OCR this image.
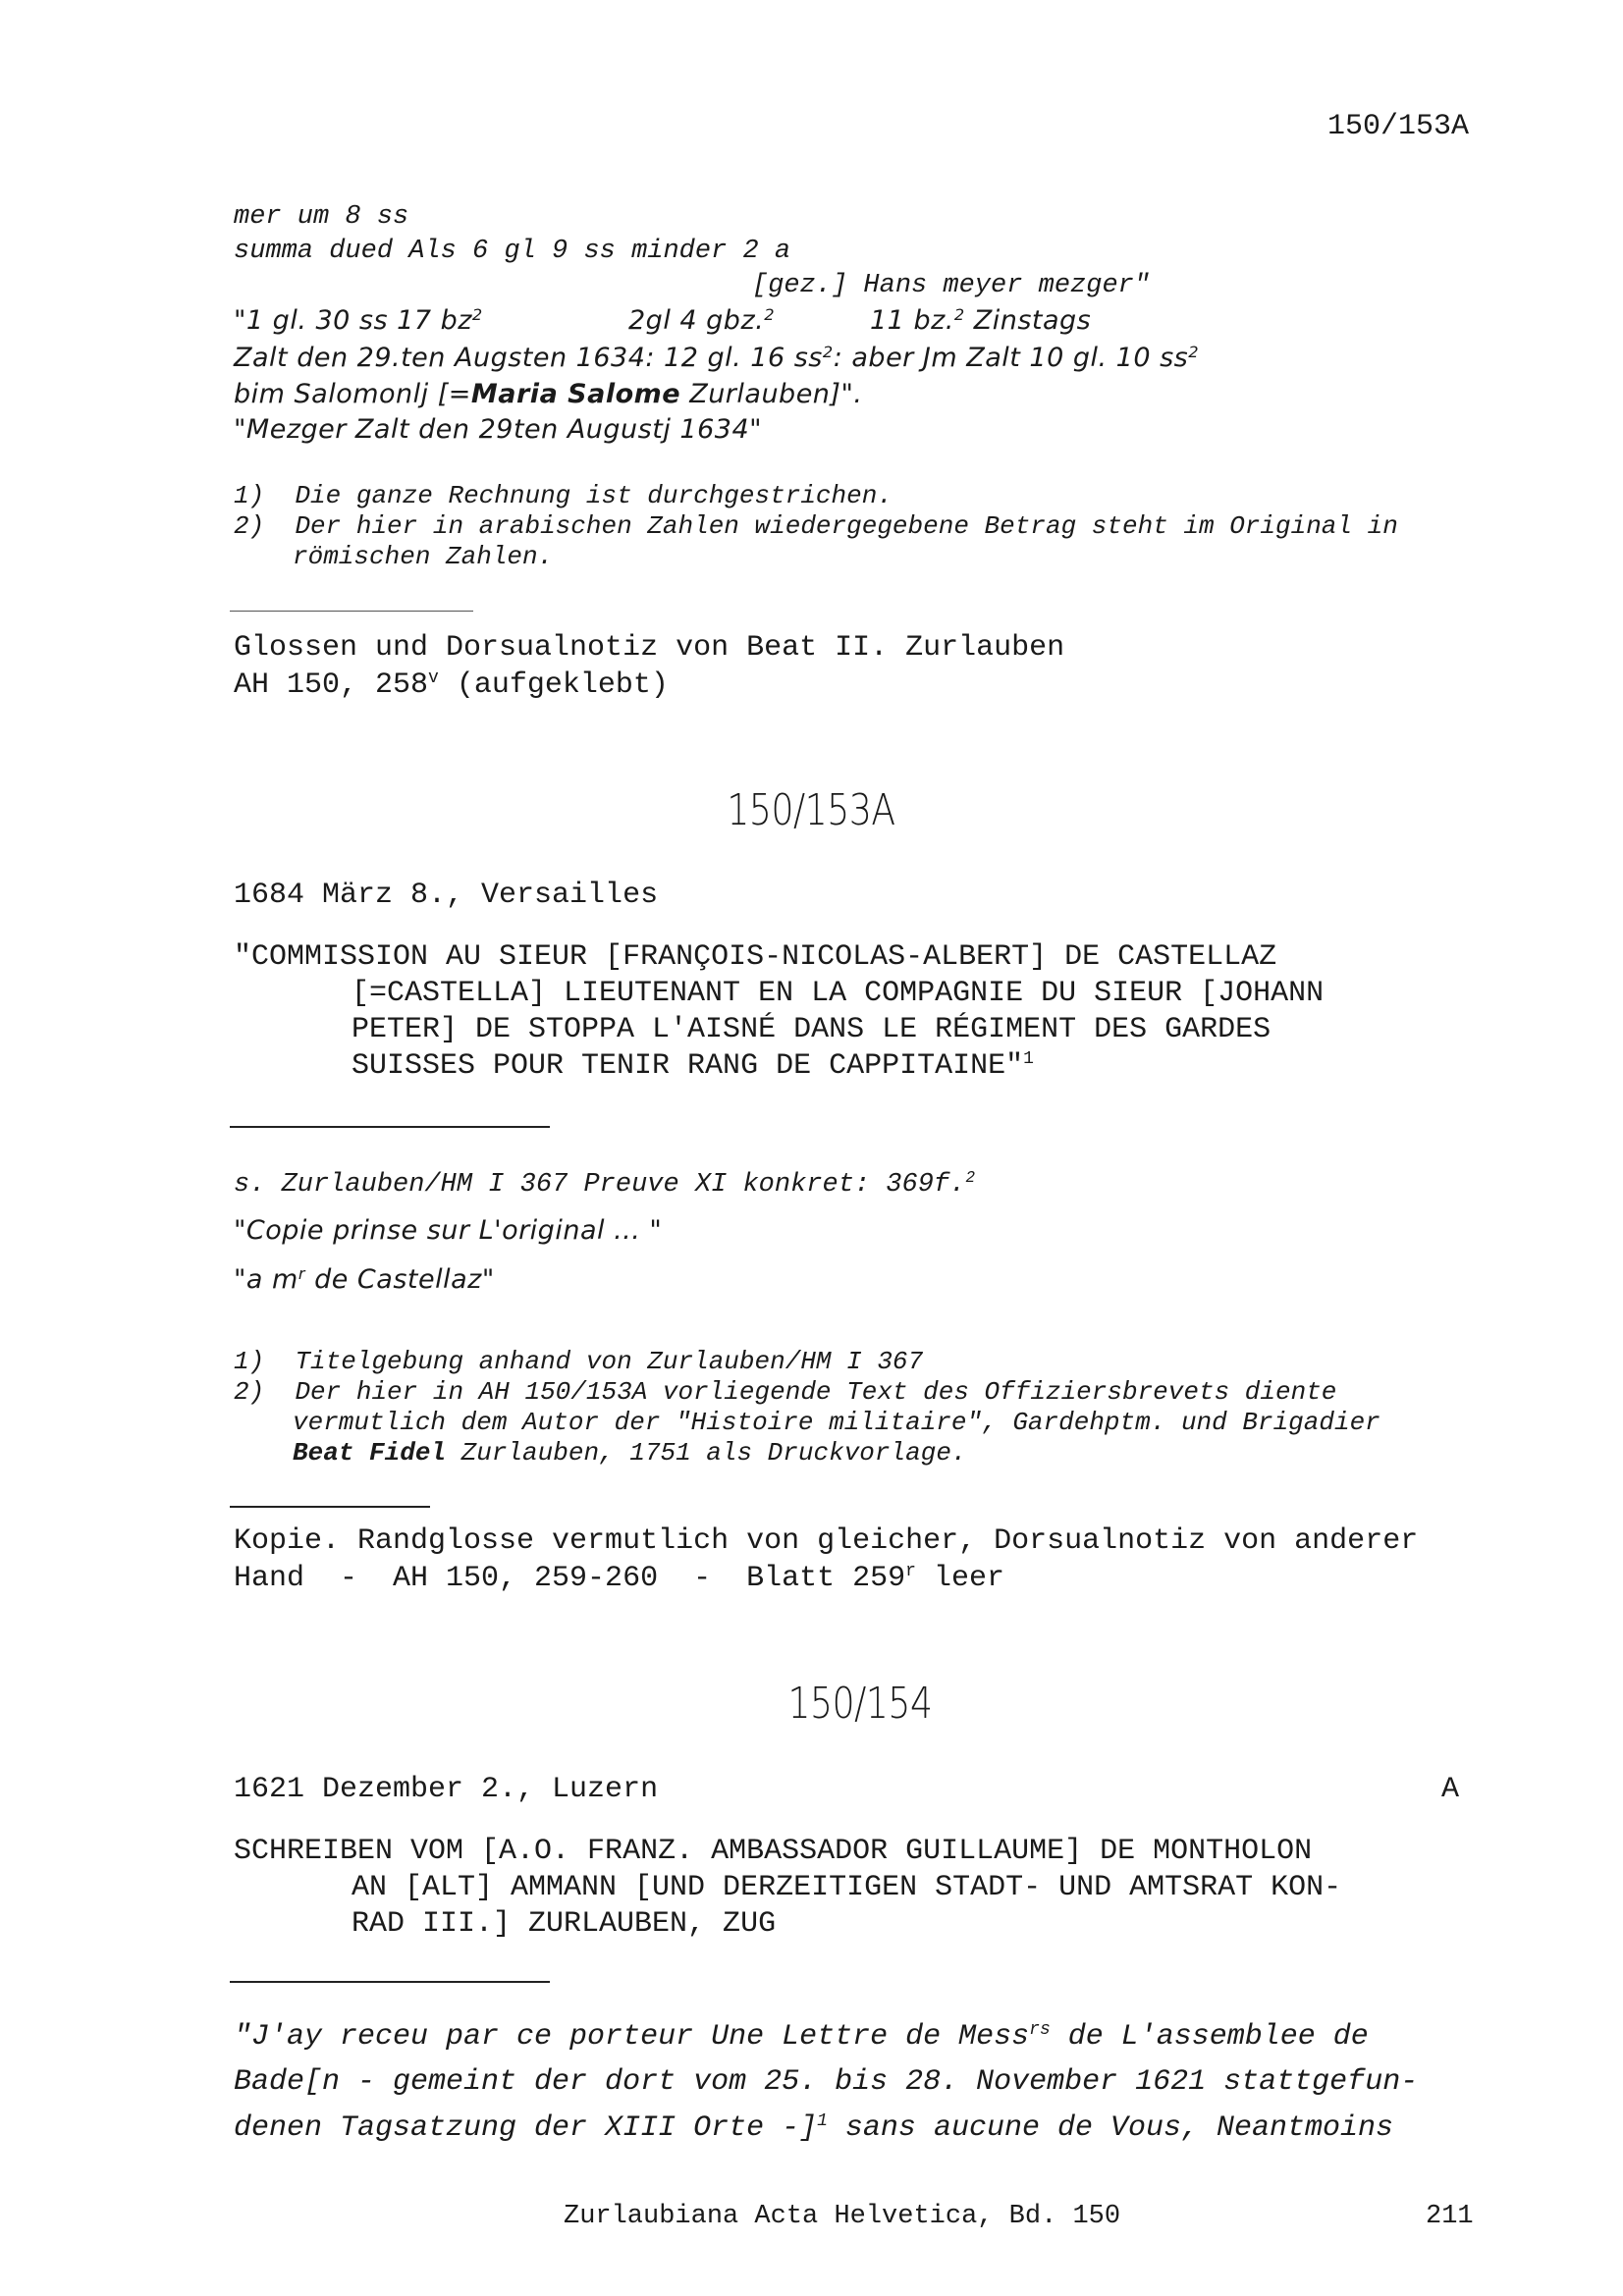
150/153A
mer um 8 ss
summa dued Als 6 gl 9 ss minder 2 a
[gez.] Hans meyer mezger"
"1 gl. 30 ss 17 $bz^2$	2gl 4 gbz.$^2$	11 bz.$^2$ Zinstags
Zalt den 29.ten Augsten 1634: 12 gl. 16 $ss^2$: aber Jm Zalt 10 gl. 10 $ss^2$
bim Salomonlj [=Maria Salome Zurlauben]".
"Mezger Zalt den 29ten Augustj 1634"
1) Die ganze Rechnung ist durchgestrichen.
2) Der hier in arabischen Zahlen wiedergegebene Betrag steht im Original in
römischen Zahlen.
Glossen und Dorsualnotiz von Beat II. Zurlauben
AH 150, 258$^v$ (aufgeklebt)
150/153A
1684 März 8., Versailles
"COMMISSION AU SIEUR [FRANÇOIS-NICOLAS-ALBERT] DE CASTELLAZ
[=CASTELLA] LIEUTENANT EN LA COMPAGNIE DU SIEUR [JOHANN
PETER] DE STOPPA L'AISNÉ DANS LE RÉGIMENT DES GARDES
SUISSES POUR TENIR RANG DE CAPPITAINE"$^1$
s. Zurlauben/HM I 367 Preuve XI konkret: 369f.$^2$
"Copie prinse sur L'original ... "
"a $m^r$ de Castellaz"
1) Titelgebung anhand von Zurlauben/HM I 367
2) Der hier in AH 150/153A vorliegende Text des Offiziersbrevets diente
vermutlich dem Autor der "Histoire militaire", Gardehptm. und Brigadier
Beat Fidel Zurlauben, 1751 als Druckvorlage.
Kopie. Randglosse vermutlich von gleicher, Dorsualnotiz von anderer
Hand  -  AH 150, 259-260  -  Blatt 259$^r$ leer
150/154
1621 Dezember 2., Luzern	A
SCHREIBEN VOM [A.O. FRANZ. AMBASSADOR GUILLAUME] DE MONTHOLON
AN [ALT] AMMANN [UND DERZEITIGEN STADT- UND AMTSRAT KON-
RAD III.] ZURLAUBEN, ZUG
"J'ay receu par ce porteur Une Lettre de Mess$^{rs}$ de L'assemblee de
Bade[n - gemeint der dort vom 25. bis 28. November 1621 stattgefun-
denen Tagsatzung der XIII Orte -]$^1$ sans aucune de Vous, Neantmoins
Zurlaubiana Acta Helvetica, Bd. 150	211
